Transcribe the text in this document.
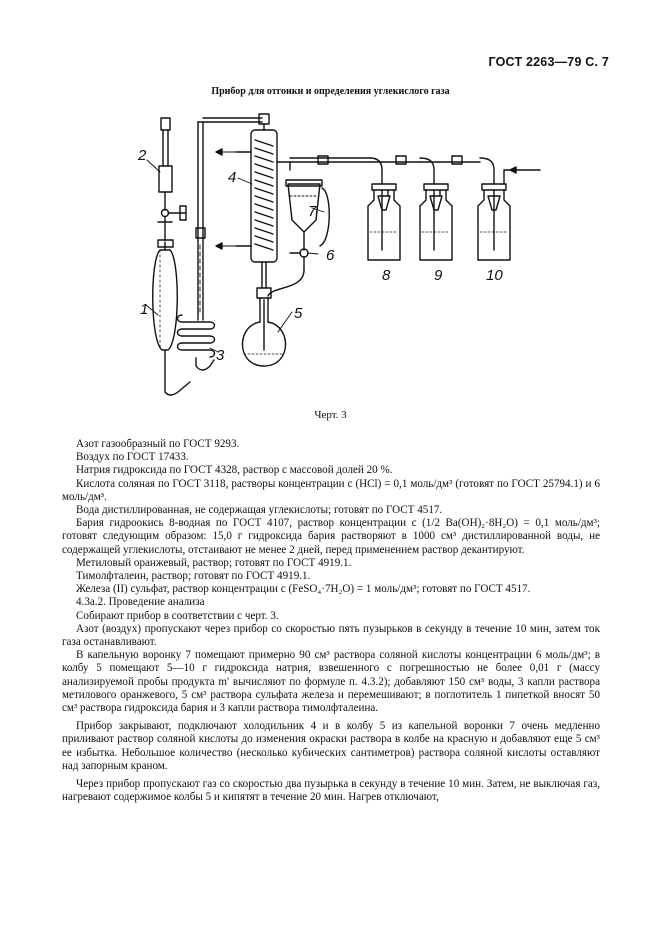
ГОСТ 2263—79 С. 7
Прибор для отгонки и определения углекислого газа
1
2
3
4
5
6
7
8	9	10
Черт. 3

Азот газообразный по ГОСТ 9293.

Воздух по ГОСТ 17433.

Натрия гидроксида по ГОСТ 4328, раствор с массовой долей 20 %.

Кислота соляная по ГОСТ 3118, растворы концентрации c (HCl) = 0,1 моль/дм³ (готовят по ГОСТ 25794.1) и 6 моль/дм³.

Вода дистиллированная, не содержащая углекислоты; готовят по ГОСТ 4517.

Бария гидроокись 8-водная по ГОСТ 4107, раствор концентрации c (1/2 Ba(OH)₂·8H₂O) = 0,1 моль/дм³; готовят следующим образом: 15,0 г гидроксида бария растворяют в 1000 см³ дистиллированной воды, не содержащей углекислоты, отстаивают не менее 2 дней, перед применением раствор декантируют.

Метиловый оранжевый, раствор; готовят по ГОСТ 4919.1.

Тимолфталеин, раствор; готовят по ГОСТ 4919.1.

Железа (II) сульфат, раствор концентрации c (FeSO₄·7H₂O) = 1 моль/дм³; готовят по ГОСТ 4517.

4.3а.2. Проведение анализа

Собирают прибор в соответствии с черт. 3.

Азот (воздух) пропускают через прибор со скоростью пять пузырьков в секунду в течение 10 мин, затем ток газа останавливают.

В капельную воронку 7 помещают примерно 90 см³ раствора соляной кислоты концентрации 6 моль/дм³; в колбу 5 помещают 5—10 г гидроксида натрия, взвешенного с погрешностью не более 0,01 г (массу анализируемой пробы продукта m' вычисляют по формуле п. 4.3.2); добавляют 150 см³ воды, 3 капли раствора метилового оранжевого, 5 см³ раствора сульфата железа и перемешивают; в поглотитель 1 пипеткой вносят 50 см³ раствора гидроксида бария и 3 капли раствора тимолфталеина.

Прибор закрывают, подключают холодильник 4 и в колбу 5 из капельной воронки 7 очень медленно приливают раствор соляной кислоты до изменения окраски раствора в колбе на красную и добавляют еще 5 см³ ее избытка. Небольшое количество (несколько кубических сантиметров) раствора соляной кислоты оставляют над запорным краном.

Через прибор пропускают газ со скоростью два пузырька в секунду в течение 10 мин. Затем, не выключая газ, нагревают содержимое колбы 5 и кипятят в течение 20 мин. Нагрев отключают,
